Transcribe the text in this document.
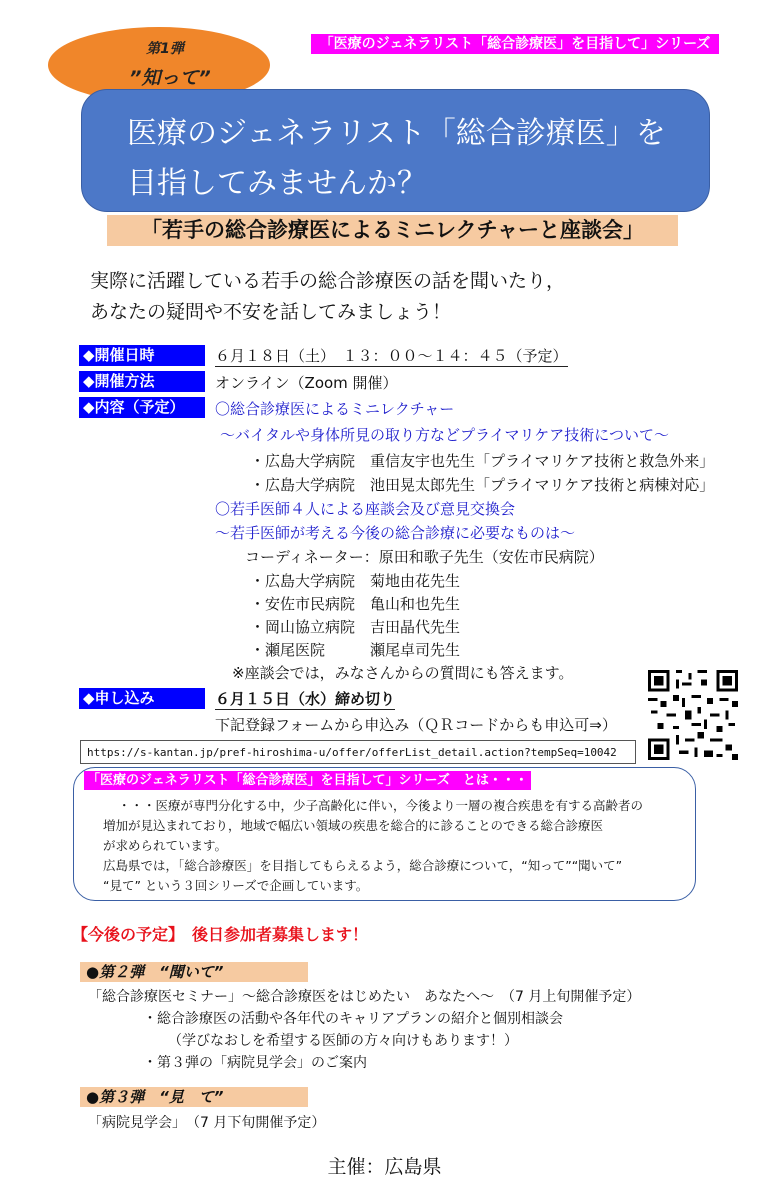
「医療のジェネラリスト「総合診療医」を目指して」シリーズ
第1弾
”知って”
医療のジェネラリスト「総合診療医」を
目指してみませんか？
「若手の総合診療医によるミニレクチャーと座談会」
実際に活躍している若手の総合診療医の話を聞いたり，
あなたの疑問や不安を話してみましょう！
◆開催日時	６月１８日（土）　１３：００～１４：４５（予定）
◆開催方法	オンライン（Zoom 開催）
◆内容（予定）	〇総合診療医によるミニレクチャー
～バイタルや身体所見の取り方などプライマリケア技術について～
・広島大学病院　重信友宇也先生「プライマリケア技術と救急外来」
・広島大学病院　池田晃太郎先生「プライマリケア技術と病棟対応」
〇若手医師４人による座談会及び意見交換会
～若手医師が考える今後の総合診療に必要なものは～
コーディネーター：原田和歌子先生（安佐市民病院）
・広島大学病院　菊地由花先生
・安佐市民病院　亀山和也先生
・岡山協立病院　吉田晶代先生
・瀬尾医院　　　瀬尾卓司先生
※座談会では，みなさんからの質問にも答えます。
◆申し込み	６月１５日（水）締め切り
下記登録フォームから申込み（ＱＲコードからも申込可⇒）
https://s-kantan.jp/pref-hiroshima-u/offer/offerList_detail.action?tempSeq=10042
「医療のジェネラリスト「総合診療医」を目指して」シリーズ　とは・・・
・・・医療が専門分化する中，少子高齢化に伴い，今後より一層の複合疾患を有する高齢者の
増加が見込まれており，地域で幅広い領域の疾患を総合的に診ることのできる総合診療医
が求められています。
広島県では，「総合診療医」を目指してもらえるよう，総合診療について，“知って”“聞いて”
“見て” という３回シリーズで企画しています。
【今後の予定】　後日参加者募集します！
●第２弾　“聞いて”
「総合診療医セミナー」～総合診療医をはじめたい　あなたへ～　（7 月上旬開催予定）
・総合診療医の活動や各年代のキャリアプランの紹介と個別相談会
（学びなおしを希望する医師の方々向けもあります！）
・第３弾の「病院見学会」のご案内
●第３弾　“見　て”
「病院見学会」　（7 月下旬開催予定）
主催：広島県
